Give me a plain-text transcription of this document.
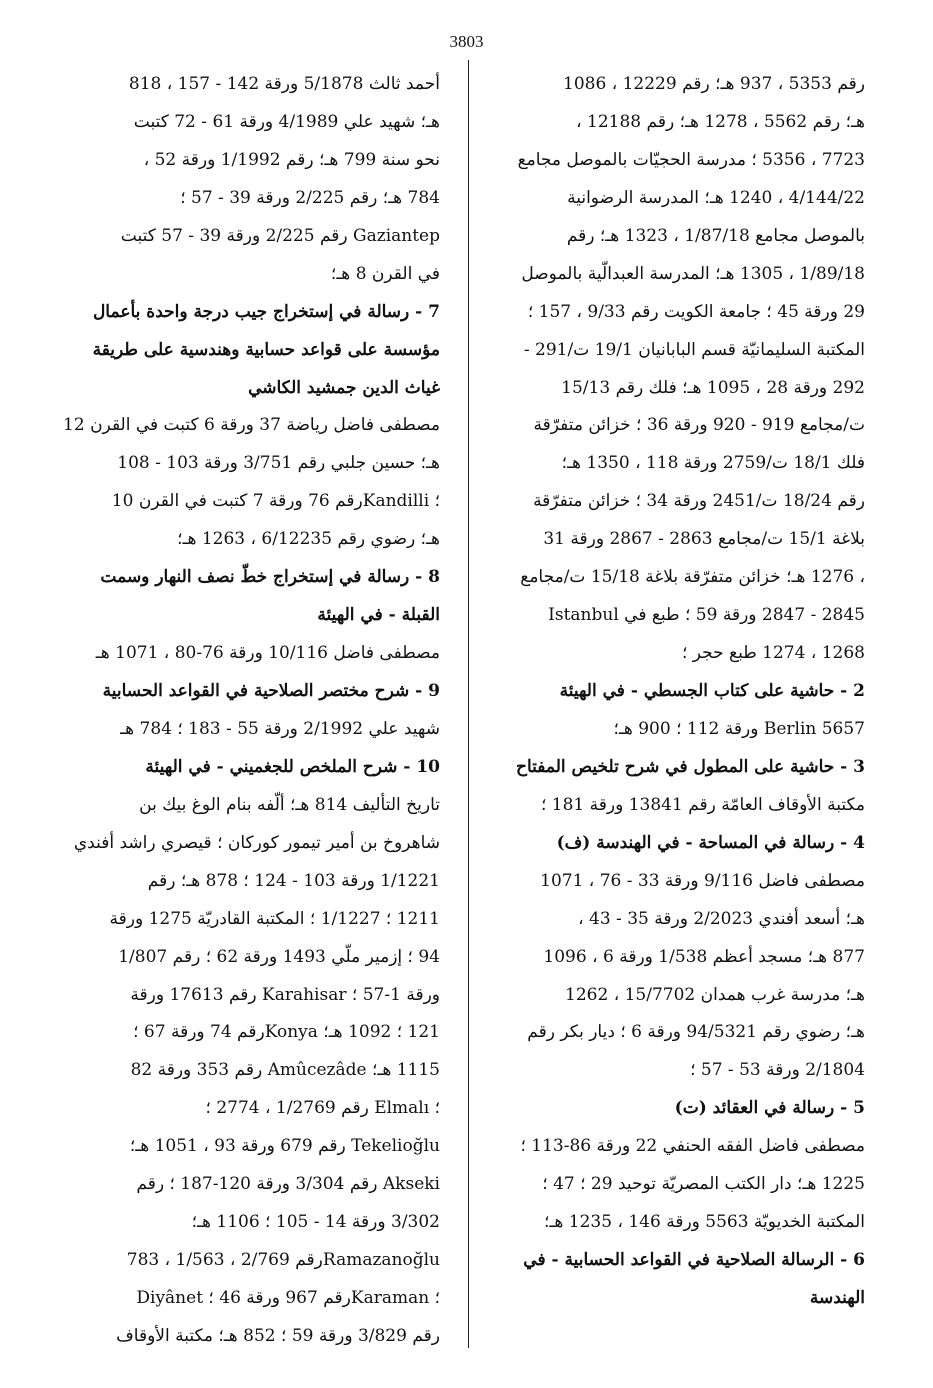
3803
رقم 5353 ، 937 هـ؛ رقم 12229 ، 1086
هـ؛ رقم 5562 ، 1278 هـ؛ رقم 12188 ،
7723 ، 5356 ؛ مدرسة الحجيّات بالموصل مجامع
4/144/22 ، 1240 هـ؛ المدرسة الرضوانية
بالموصل مجامع 1/87/18 ، 1323 هـ؛ رقم
1/89/18 ، 1305 هـ؛ المدرسة العبدالّية بالموصل
29 ورقة 45 ؛ جامعة الكويت رقم 9/33 ، 157 ؛
المكتبة السليمانيّة قسم البابانيان 19/1 ت/291 -
292 ورقة 28 ، 1095 هـ؛ فلك رقم 15/13
ت/مجامع 919 - 920 ورقة 36 ؛ خزائن متفرّقة
فلك 18/1 ت/2759 ورقة 118 ، 1350 هـ؛
رقم 18/24 ت/2451 ورقة 34 ؛ خزائن متفرّقة
بلاغة 15/1 ت/مجامع 2863 - 2867 ورقة 31
، 1276 هـ؛ خزائن متفرّقة بلاغة 15/18 ت/مجامع
2845 - 2847 ورقة 59 ؛ طبع في Istanbul
1268 ، 1274 طبع حجر ؛
2 - حاشية على كتاب الجسطي - في الهيئة
Berlin 5657 ورقة 112 ؛ 900 هـ؛
3 - حاشية على المطول في شرح تلخيص المفتاح
مكتبة الأوقاف العامّة رقم 13841 ورقة 181 ؛
4 - رسالة في المساحة - في الهندسة (ف)
مصطفى فاضل 9/116 ورقة 33 - 76 ، 1071
هـ؛ أسعد أفندي 2/2023 ورقة 35 - 43 ،
877 هـ؛ مسجد أعظم 1/538 ورقة 6 ، 1096
هـ؛ مدرسة غرب همدان 15/7702 ، 1262
هـ؛ رضوي رقم 94/5321 ورقة 6 ؛ ديار بكر رقم
2/1804 ورقة 53 - 57 ؛
5 - رسالة في العقائد (ت)
مصطفى فاضل الفقه الحنفي 22 ورقة 86-113 ؛
1225 هـ؛ دار الكتب المصريّة توحيد 29 ؛ 47 ؛
المكتبة الخديويّة 5563 ورقة 146 ، 1235 هـ؛
6 - الرسالة الصلاحية في القواعد الحسابية - في
الهندسة
أحمد ثالث 5/1878 ورقة 142 - 157 ، 818
هـ؛ شهيد علي 4/1989 ورقة 61 - 72 كتبت
نحو سنة 799 هـ؛ رقم 1/1992 ورقة 52 ،
784 هـ؛ رقم 2/225 ورقة 39 - 57 ؛
Gaziantep رقم 2/225 ورقة 39 - 57 كتبت
في القرن 8 هـ؛
7 - رسالة في إستخراج جيب درجة واحدة بأعمال
مؤسسة على قواعد حسابية وهندسية على طريقة
غياث الدين جمشيد الكاشي
مصطفى فاضل رياضة 37 ورقة 6 كتبت في القرن 12
هـ؛ حسين جلبي رقم 3/751 ورقة 103 - 108
؛ Kandilliرقم 76 ورقة 7 كتبت في القرن 10
هـ؛ رضوي رقم 6/12235 ، 1263 هـ؛
8 - رسالة في إستخراج خطّ نصف النهار وسمت
القبلة - في الهيئة
مصطفى فاضل 10/116 ورقة 76-80 ، 1071 هـ
9 - شرح مختصر الصلاحية في القواعد الحسابية
شهيد علي 2/1992 ورقة 55 - 183 ؛ 784 هـ
10 - شرح الملخص للجغميني - في الهيئة
تاريخ التأليف 814 هـ؛ ألّفه بنام الوغ بيك بن
شاهروخ بن أمير تيمور كوركان ؛ قيصري راشد أفندي
1/1221 ورقة 103 - 124 ؛ 878 هـ؛ رقم
1211 ؛ 1/1227 ؛ المكتبة القادريّة 1275 ورقة
94 ؛ إزمير ملّي 1493 ورقة 62 ؛ رقم 1/807
ورقة 1-57 ؛ Karahisar رقم 17613 ورقة
121 ؛ 1092 هـ؛ Konyaرقم 74 ورقة 67 ؛
1115 هـ؛ Amûcezâde رقم 353 ورقة 82
؛ Elmalı رقم 1/2769 ، 2774 ؛
Tekelioğlu رقم 679 ورقة 93 ، 1051 هـ؛
Akseki رقم 3/304 ورقة 120-187 ؛ رقم
3/302 ورقة 14 - 105 ؛ 1106 هـ؛
Ramazanoğluرقم 2/769 ، 1/563 ، 783
؛ Karamanرقم 967 ورقة 46 ؛ Diyânet
رقم 3/829 ورقة 59 ؛ 852 هـ؛ مكتبة الأوقاف
